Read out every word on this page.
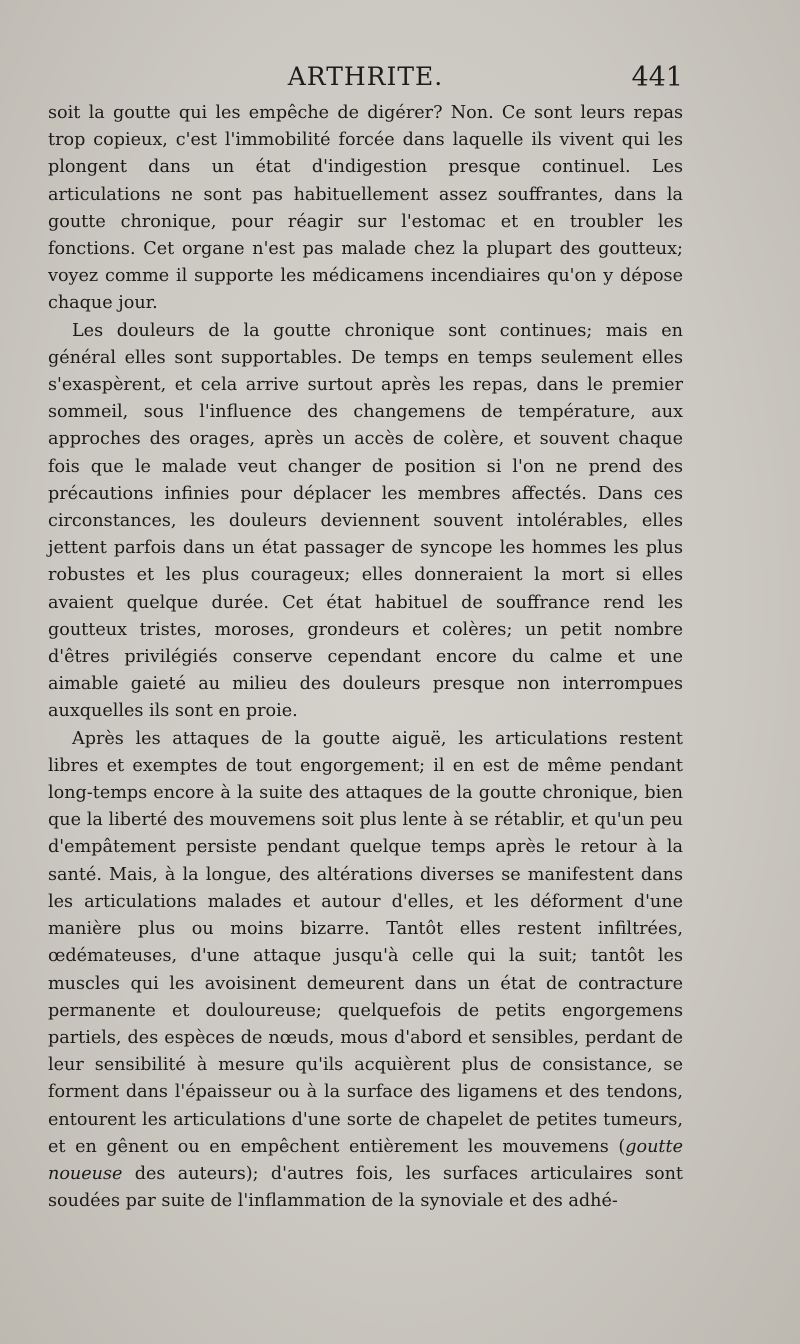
ARTHRITE.	441

soit la goutte qui les empêche de digérer? Non. Ce sont leurs repas trop copieux, c'est l'immobilité forcée dans laquelle ils vivent qui les plongent dans un état d'indigestion presque continuel. Les articulations ne sont pas habituellement assez souffrantes, dans la goutte chronique, pour réagir sur l'estomac et en troubler les fonctions. Cet organe n'est pas malade chez la plupart des goutteux; voyez comme il supporte les médicamens incendiaires qu'on y dépose chaque jour.

Les douleurs de la goutte chronique sont continues; mais en général elles sont supportables. De temps en temps seulement elles s'exaspèrent, et cela arrive surtout après les repas, dans le premier sommeil, sous l'influence des changemens de température, aux approches des orages, après un accès de colère, et souvent chaque fois que le malade veut changer de position si l'on ne prend des précautions infinies pour déplacer les membres affectés. Dans ces circonstances, les douleurs deviennent souvent intolérables, elles jettent parfois dans un état passager de syncope les hommes les plus robustes et les plus courageux; elles donneraient la mort si elles avaient quelque durée. Cet état habituel de souffrance rend les goutteux tristes, moroses, grondeurs et colères; un petit nombre d'êtres privilégiés conserve cependant encore du calme et une aimable gaieté au milieu des douleurs presque non interrompues auxquelles ils sont en proie.

Après les attaques de la goutte aiguë, les articulations restent libres et exemptes de tout engorgement; il en est de même pendant long-temps encore à la suite des attaques de la goutte chronique, bien que la liberté des mouvemens soit plus lente à se rétablir, et qu'un peu d'empâtement persiste pendant quelque temps après le retour à la santé. Mais, à la longue, des altérations diverses se manifestent dans les articulations malades et autour d'elles, et les déforment d'une manière plus ou moins bizarre. Tantôt elles restent infiltrées, œdémateuses, d'une attaque jusqu'à celle qui la suit; tantôt les muscles qui les avoisinent demeurent dans un état de contracture permanente et douloureuse; quelquefois de petits engorgemens partiels, des espèces de nœuds, mous d'abord et sensibles, perdant de leur sensibilité à mesure qu'ils acquièrent plus de consistance, se forment dans l'épaisseur ou à la surface des ligamens et des tendons, entourent les articulations d'une sorte de chapelet de petites tumeurs, et en gênent ou en empêchent entièrement les mouvemens (goutte noueuse des auteurs); d'autres fois, les surfaces articulaires sont soudées par suite de l'inflammation de la synoviale et des adhé-
